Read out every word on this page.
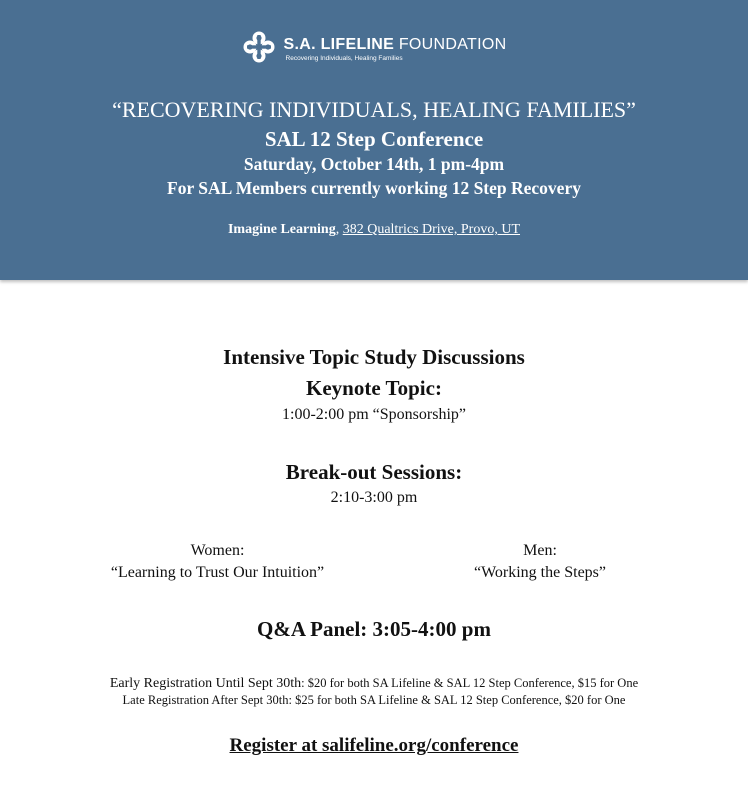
S.A. LIFELINE FOUNDATION
Recovering Individuals, Healing Families
“RECOVERING INDIVIDUALS, HEALING FAMILIES”
SAL 12 Step Conference
Saturday, October 14th, 1 pm-4pm
For SAL Members currently working 12 Step Recovery
Imagine Learning, 382 Qualtrics Drive, Provo, UT
Intensive Topic Study Discussions
Keynote Topic:
1:00-2:00 pm “Sponsorship”
Break-out Sessions:
2:10-3:00 pm
Women:
“Learning to Trust Our Intuition”
Men:
“Working the Steps”
Q&A Panel: 3:05-4:00 pm
Early Registration Until Sept 30th: $20 for both SA Lifeline & SAL 12 Step Conference, $15 for One
Late Registration After Sept 30th: $25 for both SA Lifeline & SAL 12 Step Conference, $20 for One
Register at salifeline.org/conference
